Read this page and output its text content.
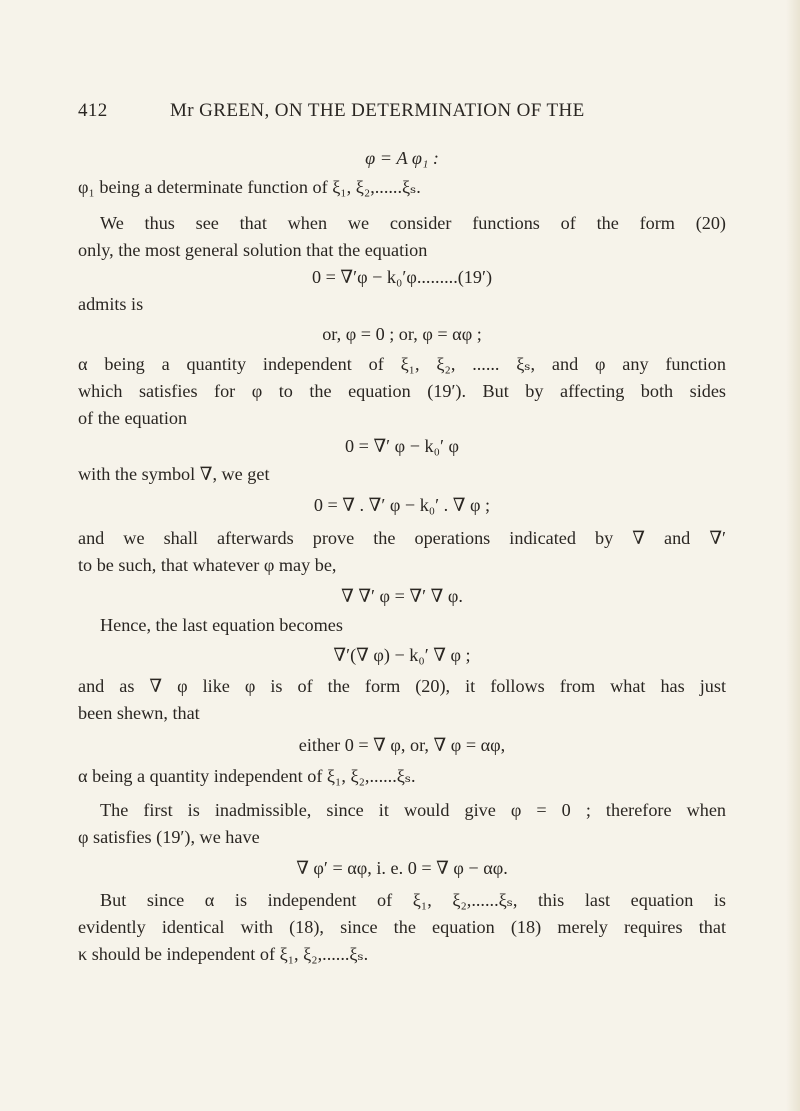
412	Mr GREEN, ON THE DETERMINATION OF THE
φ = A φ₁ :
φ₁ being a determinate function of ξ₁, ξ₂,......ξₛ.
We thus see that when we consider functions of the form (20)
only, the most general solution that the equation
0 = ∇′φ − k₀′φ.........(19′)
admits is
or, φ = 0 ; or, φ = αφ ;
α being a quantity independent of ξ₁, ξ₂, ...... ξₛ, and φ any function
which satisfies for φ to the equation (19′). But by affecting both sides
of the equation
0 = ∇′ φ − k₀′ φ
with the symbol ∇, we get
0 = ∇ . ∇′ φ − k₀′ . ∇ φ ;
and we shall afterwards prove the operations indicated by ∇ and ∇′
to be such, that whatever φ may be,
∇ ∇′ φ = ∇′ ∇ φ.
Hence, the last equation becomes
∇′(∇ φ) − k₀′ ∇ φ ;
and as ∇ φ like φ is of the form (20), it follows from what has just
been shewn, that
either 0 = ∇ φ, or, ∇ φ = αφ,
α being a quantity independent of ξ₁, ξ₂,......ξₛ.
The first is inadmissible, since it would give φ = 0 ; therefore when
φ satisfies (19′), we have
∇ φ′ = αφ, i. e. 0 = ∇ φ − αφ.
But since α is independent of ξ₁, ξ₂,......ξₛ, this last equation is
evidently identical with (18), since the equation (18) merely requires that
κ should be independent of ξ₁, ξ₂,......ξₛ.
